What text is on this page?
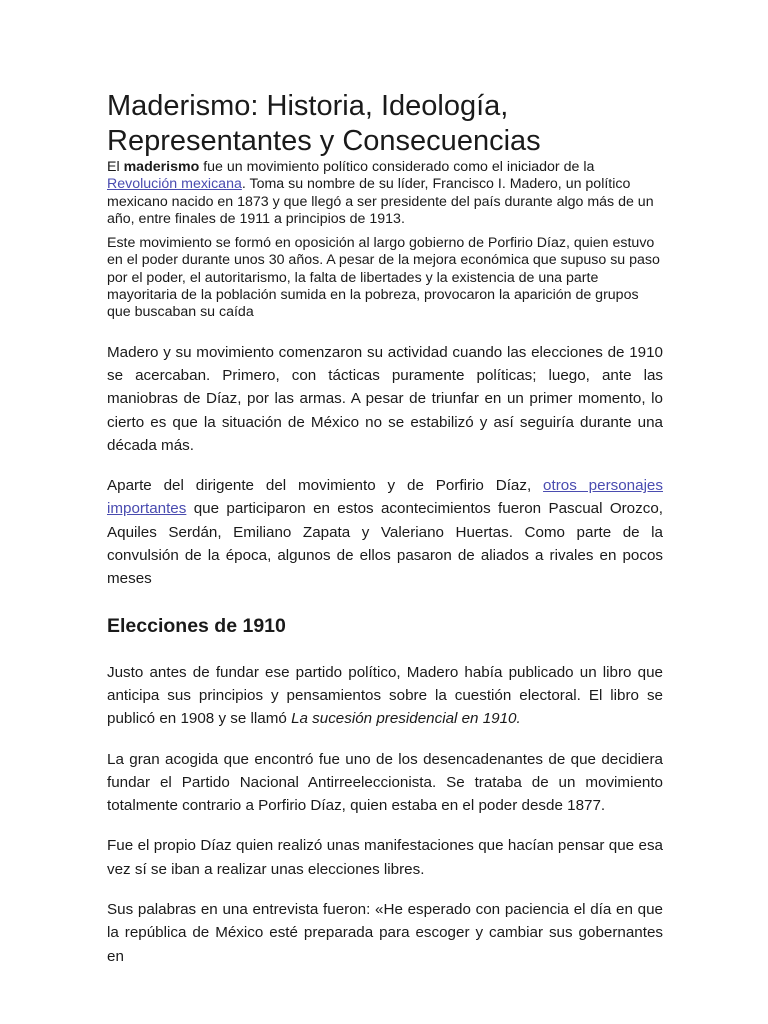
Maderismo: Historia, Ideología, Representantes y Consecuencias

El maderismo fue un movimiento político considerado como el iniciador de la Revolución mexicana. Toma su nombre de su líder, Francisco I. Madero, un político mexicano nacido en 1873 y que llegó a ser presidente del país durante algo más de un año, entre finales de 1911 a principios de 1913.

Este movimiento se formó en oposición al largo gobierno de Porfirio Díaz, quien estuvo en el poder durante unos 30 años. A pesar de la mejora económica que supuso su paso por el poder, el autoritarismo, la falta de libertades y la existencia de una parte mayoritaria de la población sumida en la pobreza, provocaron la aparición de grupos que buscaban su caída

Madero y su movimiento comenzaron su actividad cuando las elecciones de 1910 se acercaban. Primero, con tácticas puramente políticas; luego, ante las maniobras de Díaz, por las armas. A pesar de triunfar en un primer momento, lo cierto es que la situación de México no se estabilizó y así seguiría durante una década más.

Aparte del dirigente del movimiento y de Porfirio Díaz, otros personajes importantes que participaron en estos acontecimientos fueron Pascual Orozco, Aquiles Serdán, Emiliano Zapata y Valeriano Huertas. Como parte de la convulsión de la época, algunos de ellos pasaron de aliados a rivales en pocos meses

Elecciones de 1910

Justo antes de fundar ese partido político, Madero había publicado un libro que anticipa sus principios y pensamientos sobre la cuestión electoral. El libro se publicó en 1908 y se llamó La sucesión presidencial en 1910.

La gran acogida que encontró fue uno de los desencadenantes de que decidiera fundar el Partido Nacional Antirreeleccionista. Se trataba de un movimiento totalmente contrario a Porfirio Díaz, quien estaba en el poder desde 1877.

Fue el propio Díaz quien realizó unas manifestaciones que hacían pensar que esa vez sí se iban a realizar unas elecciones libres.

Sus palabras en una entrevista fueron: «He esperado con paciencia el día en que la república de México esté preparada para escoger y cambiar sus gobernantes en
